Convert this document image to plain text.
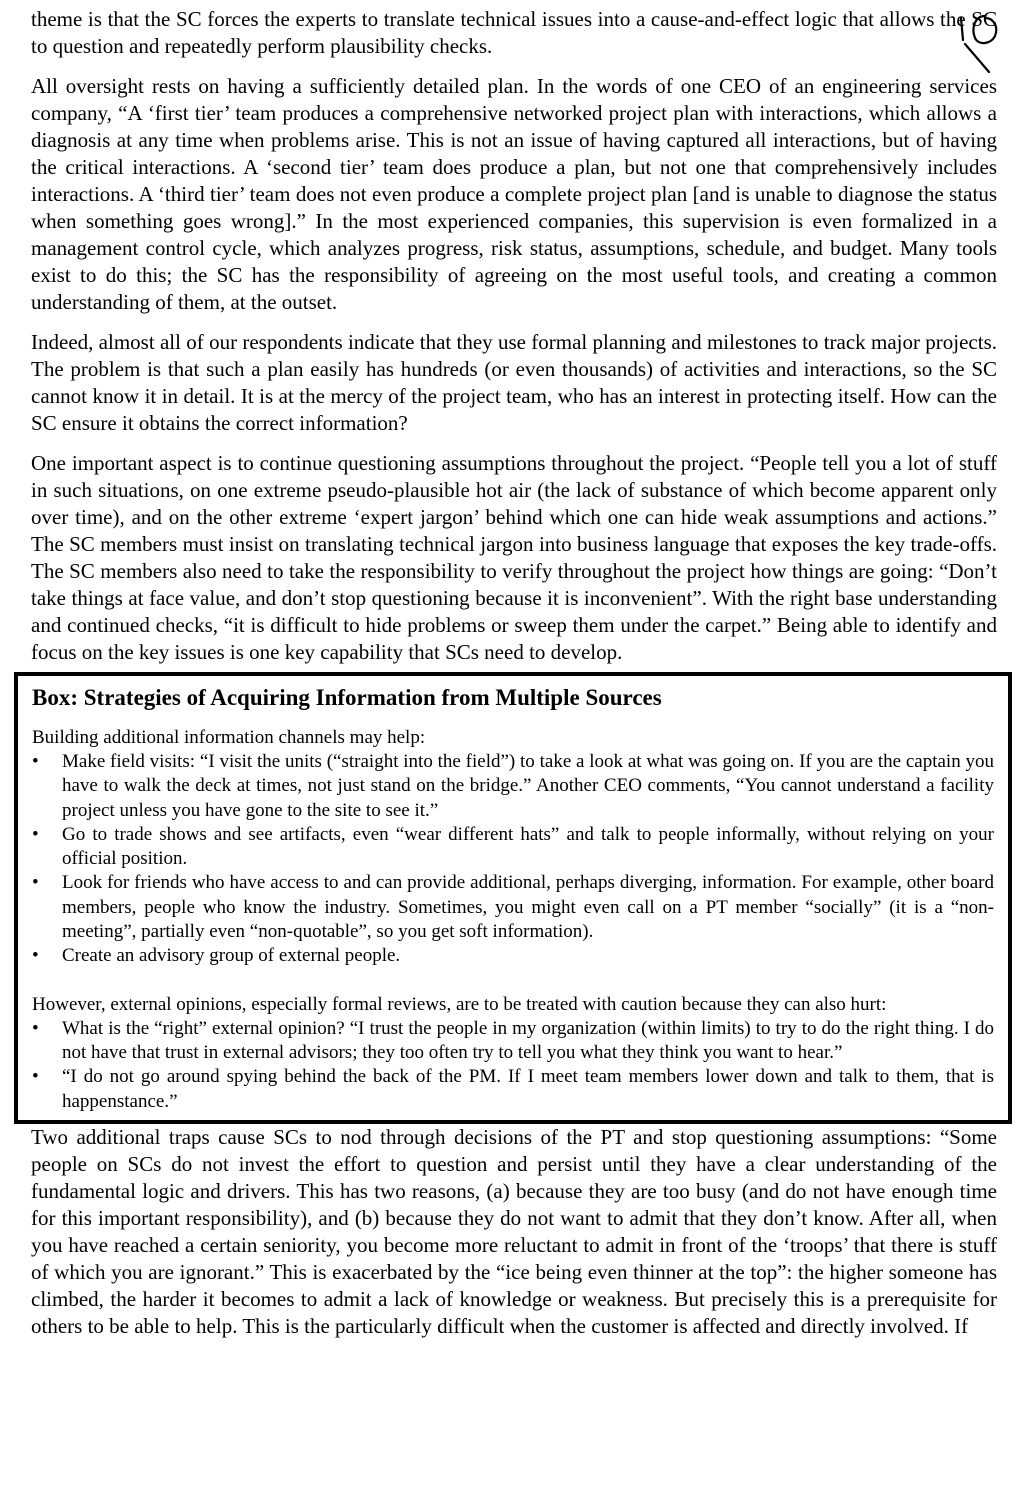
theme is that the SC forces the experts to translate technical issues into a cause-and-effect logic that allows the SC to question and repeatedly perform plausibility checks.

All oversight rests on having a sufficiently detailed plan. In the words of one CEO of an engineering services company, “A ‘first tier’ team produces a comprehensive networked project plan with interactions, which allows a diagnosis at any time when problems arise. This is not an issue of having captured all interactions, but of having the critical interactions. A ‘second tier’ team does produce a plan, but not one that comprehensively includes interactions. A ‘third tier’ team does not even produce a complete project plan [and is unable to diagnose the status when something goes wrong].” In the most experienced companies, this supervision is even formalized in a management control cycle, which analyzes progress, risk status, assumptions, schedule, and budget. Many tools exist to do this; the SC has the responsibility of agreeing on the most useful tools, and creating a common understanding of them, at the outset.

Indeed, almost all of our respondents indicate that they use formal planning and milestones to track major projects. The problem is that such a plan easily has hundreds (or even thousands) of activities and interactions, so the SC cannot know it in detail. It is at the mercy of the project team, who has an interest in protecting itself. How can the SC ensure it obtains the correct information?

One important aspect is to continue questioning assumptions throughout the project. “People tell you a lot of stuff in such situations, on one extreme pseudo-plausible hot air (the lack of substance of which become apparent only over time), and on the other extreme ‘expert jargon’ behind which one can hide weak assumptions and actions.” The SC members must insist on translating technical jargon into business language that exposes the key trade-offs. The SC members also need to take the responsibility to verify throughout the project how things are going: “Don’t take things at face value, and don’t stop questioning because it is inconvenient”. With the right base understanding and continued checks, “it is difficult to hide problems or sweep them under the carpet.” Being able to identify and focus on the key issues is one key capability that SCs need to develop.

Box: Strategies of Acquiring Information from Multiple Sources

Building additional information channels may help:

• Make field visits: “I visit the units (“straight into the field”) to take a look at what was going on. If you are the captain you have to walk the deck at times, not just stand on the bridge.” Another CEO comments, “You cannot understand a facility project unless you have gone to the site to see it.”
• Go to trade shows and see artifacts, even “wear different hats” and talk to people informally, without relying on your official position.
• Look for friends who have access to and can provide additional, perhaps diverging, information. For example, other board members, people who know the industry. Sometimes, you might even call on a PT member “socially” (it is a “non-meeting”, partially even “non-quotable”, so you get soft information).
• Create an advisory group of external people.

However, external opinions, especially formal reviews, are to be treated with caution because they can also hurt:

• What is the “right” external opinion? “I trust the people in my organization (within limits) to try to do the right thing. I do not have that trust in external advisors; they too often try to tell you what they think you want to hear.”
• “I do not go around spying behind the back of the PM. If I meet team members lower down and talk to them, that is happenstance.”

Two additional traps cause SCs to nod through decisions of the PT and stop questioning assumptions: “Some people on SCs do not invest the effort to question and persist until they have a clear understanding of the fundamental logic and drivers. This has two reasons, (a) because they are too busy (and do not have enough time for this important responsibility), and (b) because they do not want to admit that they don’t know. After all, when you have reached a certain seniority, you become more reluctant to admit in front of the ‘troops’ that there is stuff of which you are ignorant.” This is exacerbated by the “ice being even thinner at the top”: the higher someone has climbed, the harder it becomes to admit a lack of knowledge or weakness. But precisely this is a prerequisite for others to be able to help. This is the particularly difficult when the customer is affected and directly involved. If
